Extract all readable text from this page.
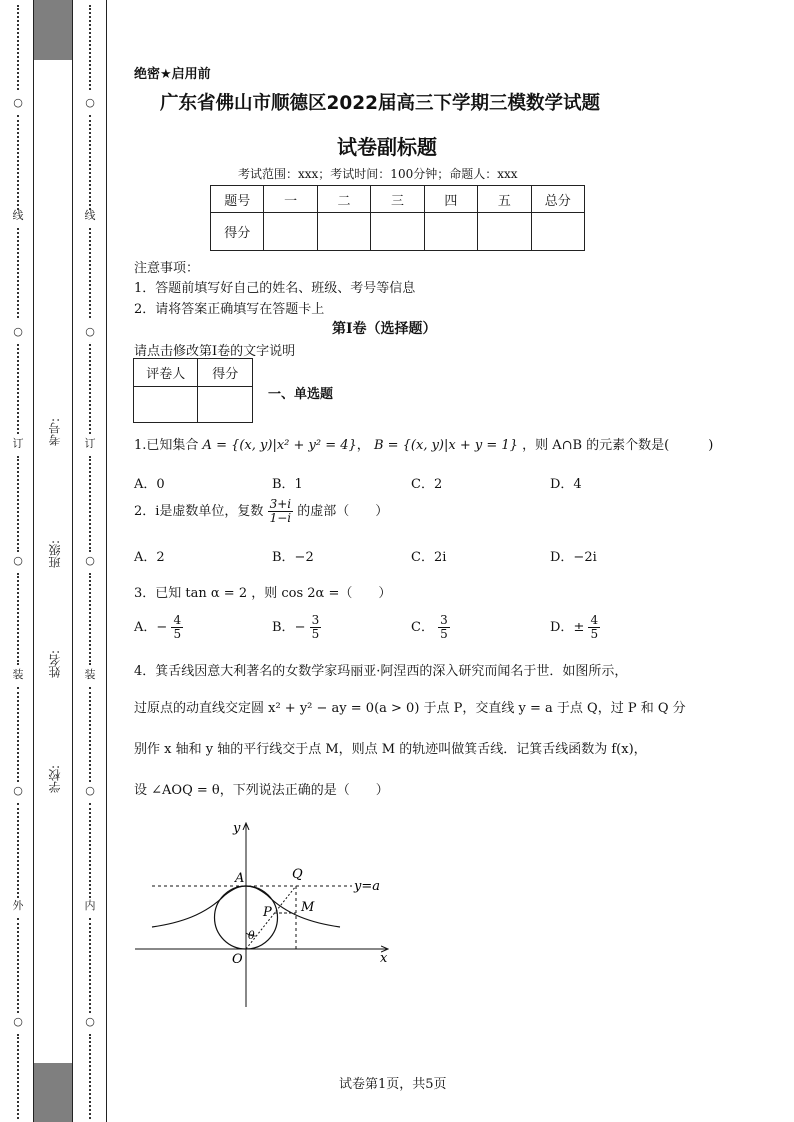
○
线
○
订
○
装
○
外
○
○
线
○
订
○
装
○
内
○
考号:
班级:
姓名:
学校:
绝密★启用前
广东省佛山市顺德区2022届高三下学期三模数学试题
试卷副标题
考试范围：xxx；考试时间：100分钟；命题人：xxx
题号	一	二	三	四	五	总分
得分						
注意事项：
1．答题前填写好自己的姓名、班级、考号等信息
2．请将答案正确填写在答题卡上
第I卷（选择题）
请点击修改第I卷的文字说明
评卷人	得分

一、单选题
1.已知集合 A = {(x, y)|x² + y² = 4}， B = {(x, y)|x + y = 1} ，则 A∩B 的元素个数是(　　　)
A．0	B．1	C．2	D．4
2．i是虚数单位，复数 $\frac{3+i}{1-i}$ 的虚部（　　）
A．2	B．−2	C．2i	D．−2i
3．已知 tan α = 2 ，则 cos 2α =（　　）
A．− $\frac{4}{5}$	B．− $\frac{3}{5}$	C． $\frac{3}{5}$	D．± $\frac{4}{5}$
4．箕舌线因意大利著名的女数学家玛丽亚·阿涅西的深入研究而闻名于世．如图所示，
过原点的动直线交定圆 x² + y² − ay = 0(a > 0) 于点 P，交直线 y = a 于点 Q，过 P 和 Q 分
别作 x 轴和 y 轴的平行线交于点 M，则点 M 的轨迹叫做箕舌线．记箕舌线函数为 f(x)，
设 ∠AOQ = θ，下列说法正确的是（　　）
y
x
A	Q
y=a
P M
θ
O
试卷第1页，共5页
